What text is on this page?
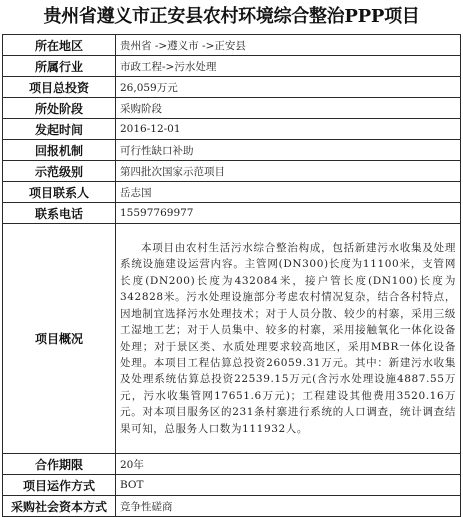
贵州省遵义市正安县农村环境综合整治PPP项目
所在地区	贵州省 ->遵义市 ->正安县
所属行业	市政工程->污水处理
项目总投资	26,059万元
所处阶段	采购阶段
发起时间	2016-12-01
回报机制	可行性缺口补助
示范级别	第四批次国家示范项目
项目联系人	岳志国
联系电话	15597769977
项目概况	本项目由农村生活污水综合整治构成，包括新建污水收集及处理系统设施建设运营内容。主管网(DN300)长度为11100米，支管网长度(DN200)长度为432084米，接户管长度(DN100)长度为342828米。污水处理设施部分考虑农村情况复杂，结合各村特点，因地制宜选择污水处理技术；对于人员分散、较少的村寨，采用三级工湿地工艺；对于人员集中、较多的村寨，采用接触氧化一体化设备处理；对于景区类、水质处理要求较高地区，采用MBR一体化设备处理。本项目工程估算总投资26059.31万元。其中：新建污水收集及处理系统估算总投资22539.15万元(含污水处理设施4887.55万元，污水收集管网17651.6万元)；工程建设其他费用3520.16万元。对本项目服务区的231条村寨进行系统的人口调查，统计调查结果可知，总服务人口数为111932人。
合作期限	20年
项目运作方式	BOT
采购社会资本方式	竞争性磋商
